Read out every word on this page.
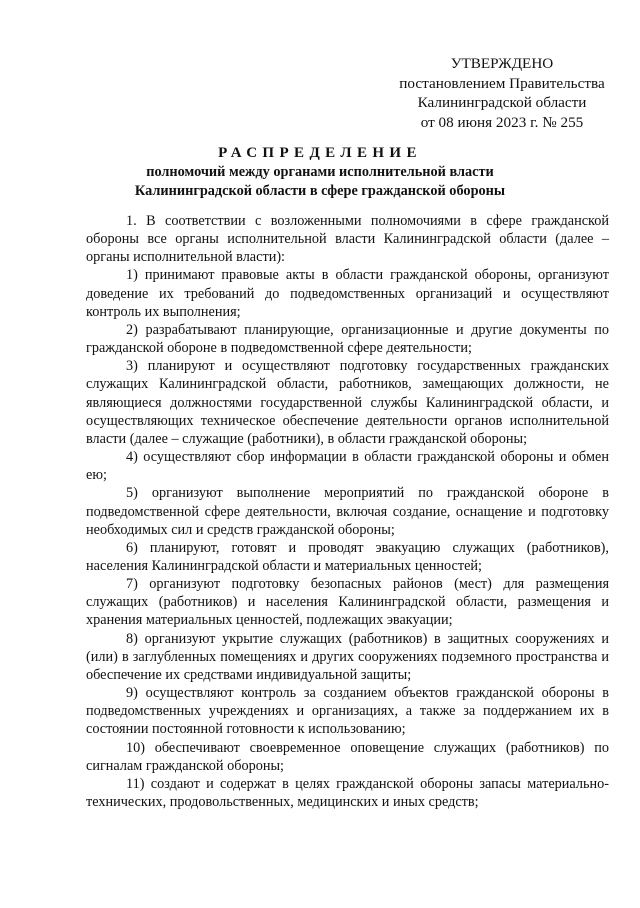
УТВЕРЖДЕНО
постановлением Правительства
Калининградской области
от 08 июня 2023 г. № 255
РАСПРЕДЕЛЕНИЕ
полномочий между органами исполнительной власти
Калининградской области в сфере гражданской обороны

1. В соответствии с возложенными полномочиями в сфере гражданской обороны все органы исполнительной власти Калининградской области (далее – органы исполнительной власти):

1) принимают правовые акты в области гражданской обороны, организуют доведение их требований до подведомственных организаций и осуществляют контроль их выполнения;

2) разрабатывают планирующие, организационные и другие документы по гражданской обороне в подведомственной сфере деятельности;

3) планируют и осуществляют подготовку государственных гражданских служащих Калининградской области, работников, замещающих должности, не являющиеся должностями государственной службы Калининградской области, и осуществляющих техническое обеспечение деятельности органов исполнительной власти (далее – служащие (работники), в области гражданской обороны;

4) осуществляют сбор информации в области гражданской обороны и обмен ею;

5) организуют выполнение мероприятий по гражданской обороне в подведомственной сфере деятельности, включая создание, оснащение и подготовку необходимых сил и средств гражданской обороны;

6) планируют, готовят и проводят эвакуацию служащих (работников), населения Калининградской области и материальных ценностей;

7) организуют подготовку безопасных районов (мест) для размещения служащих (работников) и населения Калининградской области, размещения и хранения материальных ценностей, подлежащих эвакуации;

8) организуют укрытие служащих (работников) в защитных сооружениях и (или) в заглубленных помещениях и других сооружениях подземного пространства и обеспечение их средствами индивидуальной защиты;

9) осуществляют контроль за созданием объектов гражданской обороны в подведомственных учреждениях и организациях, а также за поддержанием их в состоянии постоянной готовности к использованию;

10) обеспечивают своевременное оповещение служащих (работников) по сигналам гражданской обороны;

11) создают и содержат в целях гражданской обороны запасы материально-технических, продовольственных, медицинских и иных средств;
